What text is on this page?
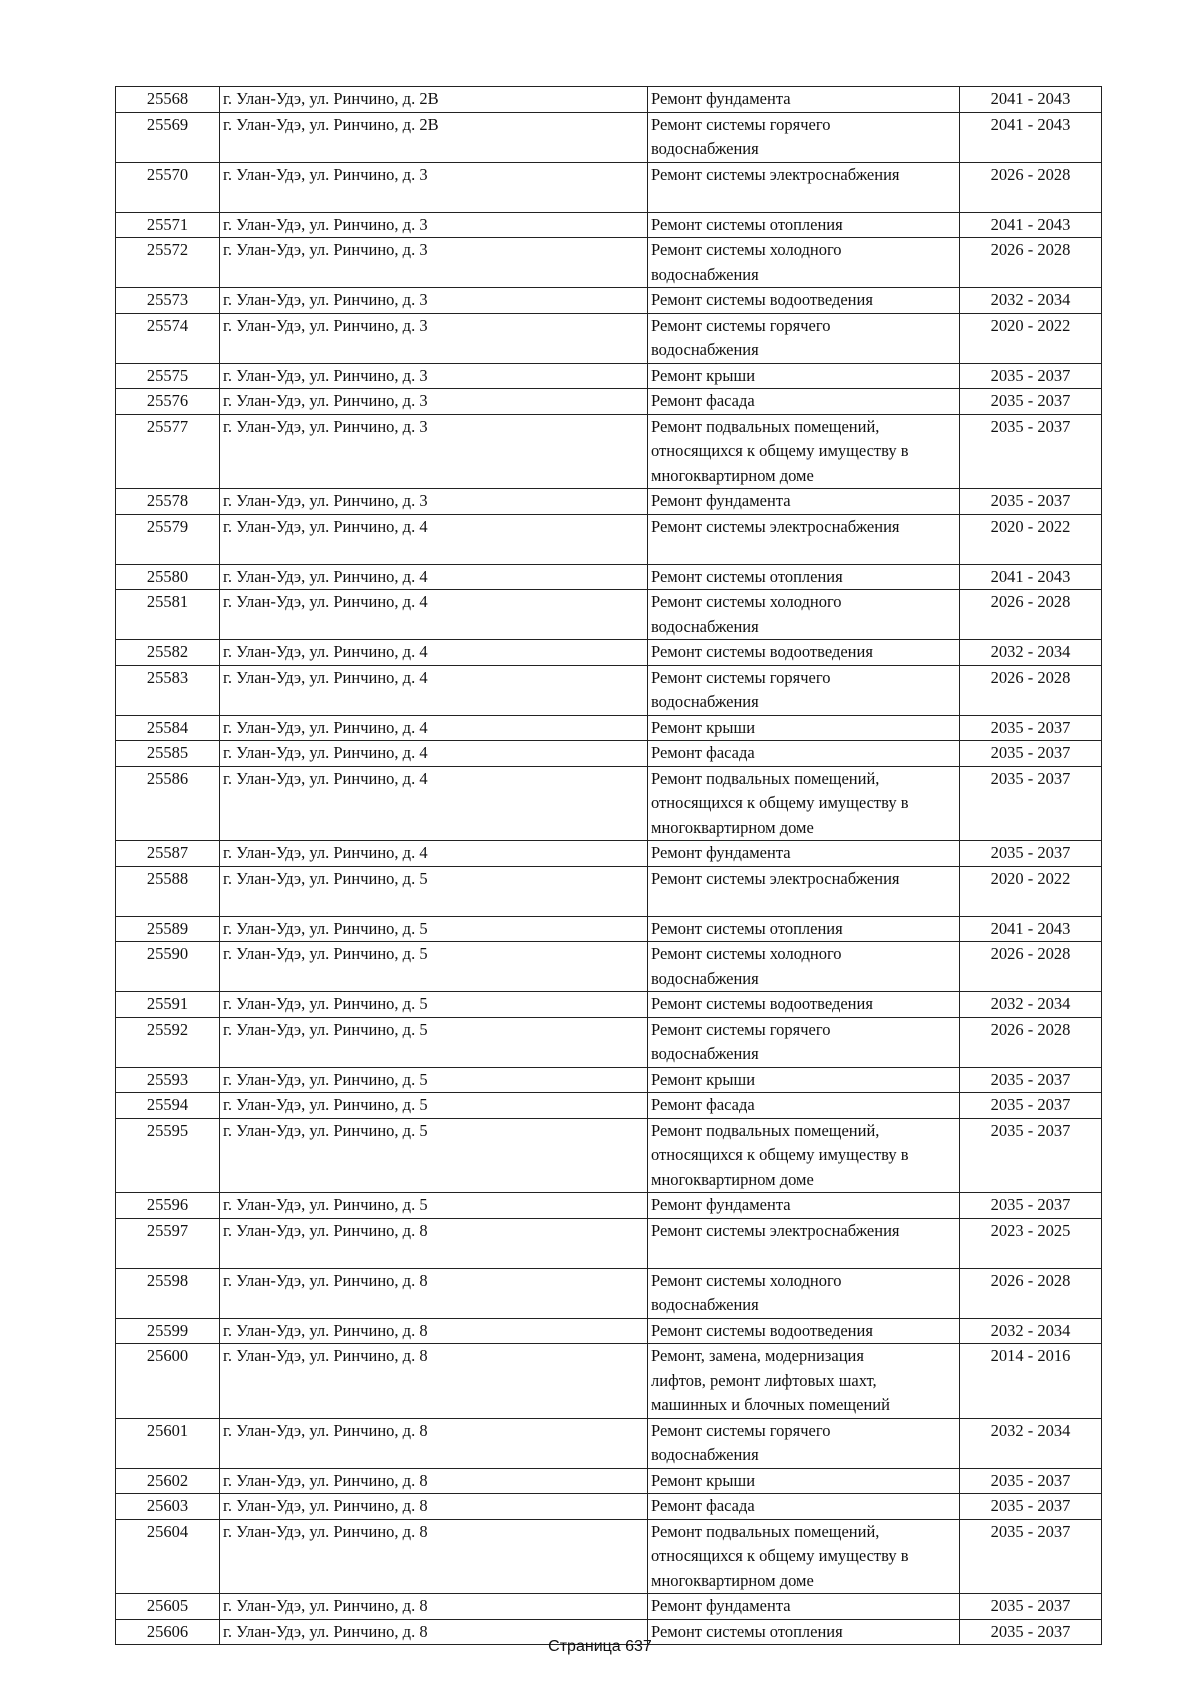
25568	г. Улан-Удэ, ул. Ринчино, д. 2В	Ремонт фундамента	2041 - 2043
25569	г. Улан-Удэ, ул. Ринчино, д. 2В	Ремонт системы горячего
водоснабжения	2041 - 2043
25570	г. Улан-Удэ, ул. Ринчино, д. 3	Ремонт системы электроснабжения	2026 - 2028
25571	г. Улан-Удэ, ул. Ринчино, д. 3	Ремонт системы отопления	2041 - 2043
25572	г. Улан-Удэ, ул. Ринчино, д. 3	Ремонт системы холодного
водоснабжения	2026 - 2028
25573	г. Улан-Удэ, ул. Ринчино, д. 3	Ремонт системы водоотведения	2032 - 2034
25574	г. Улан-Удэ, ул. Ринчино, д. 3	Ремонт системы горячего
водоснабжения	2020 - 2022
25575	г. Улан-Удэ, ул. Ринчино, д. 3	Ремонт крыши	2035 - 2037
25576	г. Улан-Удэ, ул. Ринчино, д. 3	Ремонт фасада	2035 - 2037
25577	г. Улан-Удэ, ул. Ринчино, д. 3	Ремонт подвальных помещений,
относящихся к общему имуществу в
многоквартирном доме	2035 - 2037
25578	г. Улан-Удэ, ул. Ринчино, д. 3	Ремонт фундамента	2035 - 2037
25579	г. Улан-Удэ, ул. Ринчино, д. 4	Ремонт системы электроснабжения	2020 - 2022
25580	г. Улан-Удэ, ул. Ринчино, д. 4	Ремонт системы отопления	2041 - 2043
25581	г. Улан-Удэ, ул. Ринчино, д. 4	Ремонт системы холодного
водоснабжения	2026 - 2028
25582	г. Улан-Удэ, ул. Ринчино, д. 4	Ремонт системы водоотведения	2032 - 2034
25583	г. Улан-Удэ, ул. Ринчино, д. 4	Ремонт системы горячего
водоснабжения	2026 - 2028
25584	г. Улан-Удэ, ул. Ринчино, д. 4	Ремонт крыши	2035 - 2037
25585	г. Улан-Удэ, ул. Ринчино, д. 4	Ремонт фасада	2035 - 2037
25586	г. Улан-Удэ, ул. Ринчино, д. 4	Ремонт подвальных помещений,
относящихся к общему имуществу в
многоквартирном доме	2035 - 2037
25587	г. Улан-Удэ, ул. Ринчино, д. 4	Ремонт фундамента	2035 - 2037
25588	г. Улан-Удэ, ул. Ринчино, д. 5	Ремонт системы электроснабжения	2020 - 2022
25589	г. Улан-Удэ, ул. Ринчино, д. 5	Ремонт системы отопления	2041 - 2043
25590	г. Улан-Удэ, ул. Ринчино, д. 5	Ремонт системы холодного
водоснабжения	2026 - 2028
25591	г. Улан-Удэ, ул. Ринчино, д. 5	Ремонт системы водоотведения	2032 - 2034
25592	г. Улан-Удэ, ул. Ринчино, д. 5	Ремонт системы горячего
водоснабжения	2026 - 2028
25593	г. Улан-Удэ, ул. Ринчино, д. 5	Ремонт крыши	2035 - 2037
25594	г. Улан-Удэ, ул. Ринчино, д. 5	Ремонт фасада	2035 - 2037
25595	г. Улан-Удэ, ул. Ринчино, д. 5	Ремонт подвальных помещений,
относящихся к общему имуществу в
многоквартирном доме	2035 - 2037
25596	г. Улан-Удэ, ул. Ринчино, д. 5	Ремонт фундамента	2035 - 2037
25597	г. Улан-Удэ, ул. Ринчино, д. 8	Ремонт системы электроснабжения	2023 - 2025
25598	г. Улан-Удэ, ул. Ринчино, д. 8	Ремонт системы холодного
водоснабжения	2026 - 2028
25599	г. Улан-Удэ, ул. Ринчино, д. 8	Ремонт системы водоотведения	2032 - 2034
25600	г. Улан-Удэ, ул. Ринчино, д. 8	Ремонт, замена, модернизация
лифтов, ремонт лифтовых шахт,
машинных и блочных помещений	2014 - 2016
25601	г. Улан-Удэ, ул. Ринчино, д. 8	Ремонт системы горячего
водоснабжения	2032 - 2034
25602	г. Улан-Удэ, ул. Ринчино, д. 8	Ремонт крыши	2035 - 2037
25603	г. Улан-Удэ, ул. Ринчино, д. 8	Ремонт фасада	2035 - 2037
25604	г. Улан-Удэ, ул. Ринчино, д. 8	Ремонт подвальных помещений,
относящихся к общему имуществу в
многоквартирном доме	2035 - 2037
25605	г. Улан-Удэ, ул. Ринчино, д. 8	Ремонт фундамента	2035 - 2037
25606	г. Улан-Удэ, ул. Ринчино, д. 8	Ремонт системы отопления	2035 - 2037
Страница 637
